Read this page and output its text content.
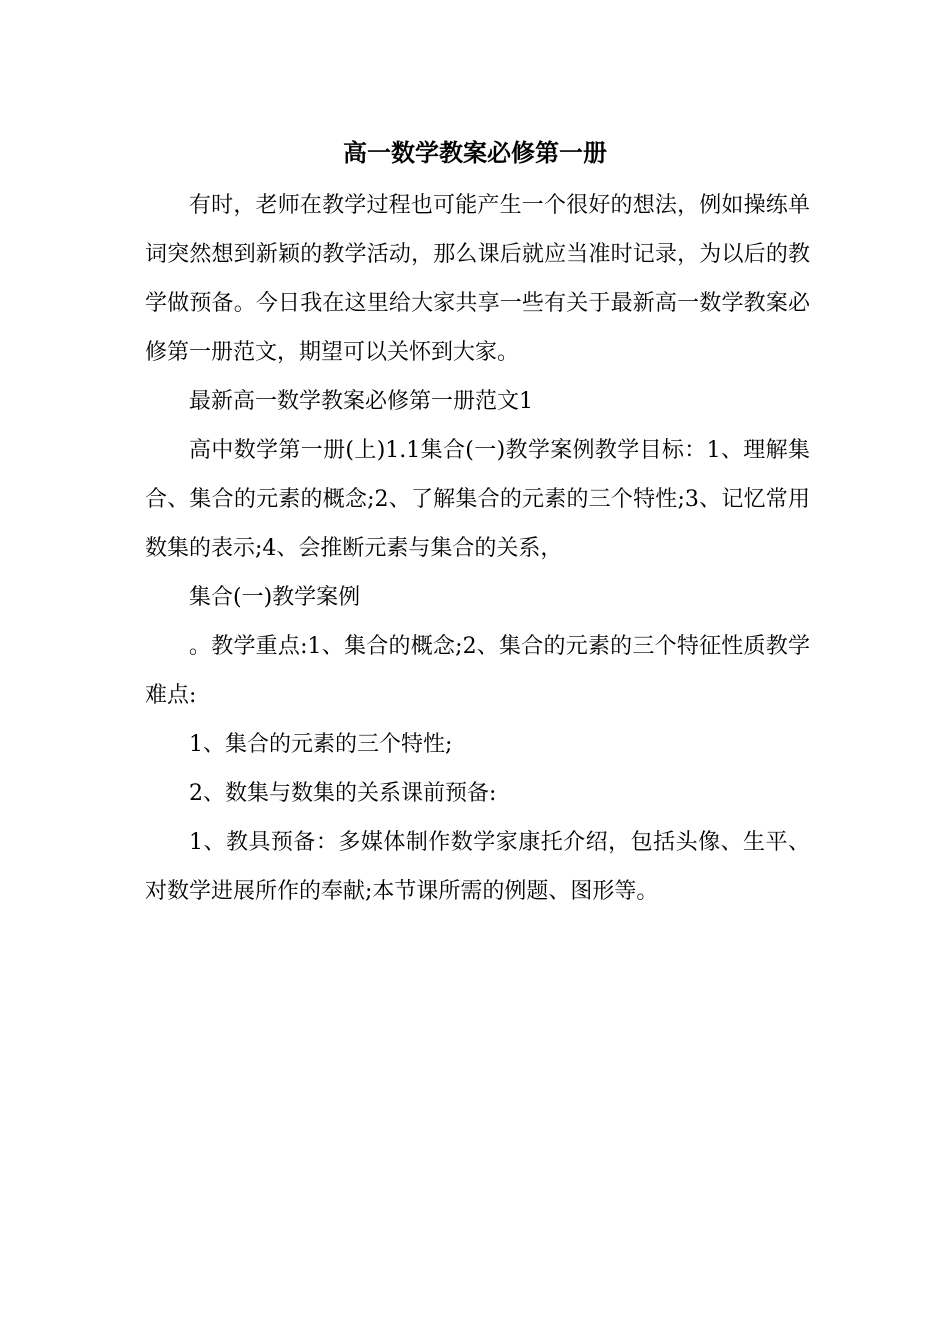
高一数学教案必修第一册

有时，老师在教学过程也可能产生一个很好的想法，例如操练单词突然想到新颖的教学活动，那么课后就应当准时记录，为以后的教学做预备。今日我在这里给大家共享一些有关于最新高一数学教案必修第一册范文，期望可以关怀到大家。

最新高一数学教案必修第一册范文1

高中数学第一册(上)1.1集合(一)教学案例教学目标：1、理解集合、集合的元素的概念;2、了解集合的元素的三个特性;3、记忆常用数集的表示;4、会推断元素与集合的关系，

集合(一)教学案例

。教学重点:1、集合的概念;2、集合的元素的三个特征性质教学难点:

1、集合的元素的三个特性;

2、数集与数集的关系课前预备:

1、教具预备：多媒体制作数学家康托介绍，包括头像、生平、对数学进展所作的奉献;本节课所需的例题、图形等。
